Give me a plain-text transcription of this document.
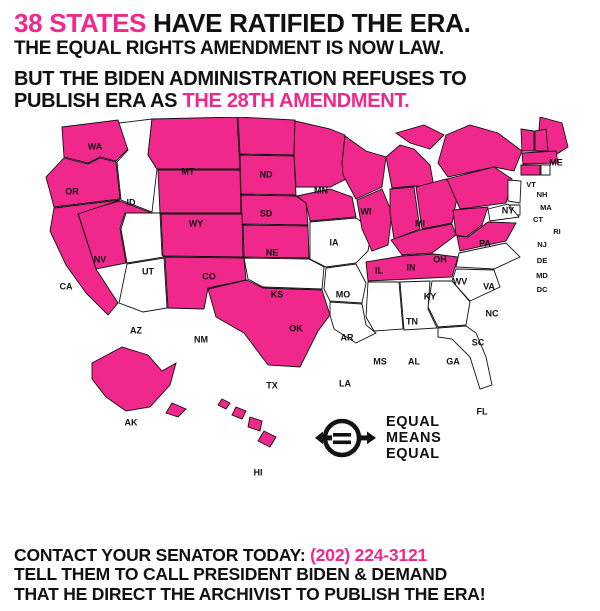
38 STATES HAVE RATIFIED THE ERA.
THE EQUAL RIGHTS AMENDMENT IS NOW LAW.
BUT THE BIDEN ADMINISTRATION REFUSES TO
PUBLISH ERA AS THE 28TH AMENDMENT.
WA
OR
ID
MT	ND
SD
MN
WI
MI
WY
NE
IA
IL	IN
OH
PA
NY
ME
VT
NH
MA
CT
RI
NJ
DE
MD
DC
WV VA
KY
NC
TN
SC
GA
AL
MS
AR
LA
FL
MO
KS
OK
TX
NM
CO
UT
AZ
NV
CA
AK
HI
EQUAL
MEANS
EQUAL
CONTACT YOUR SENATOR TODAY: (202) 224-3121
TELL THEM TO CALL PRESIDENT BIDEN & DEMAND
THAT HE DIRECT THE ARCHIVIST TO PUBLISH THE ERA!
